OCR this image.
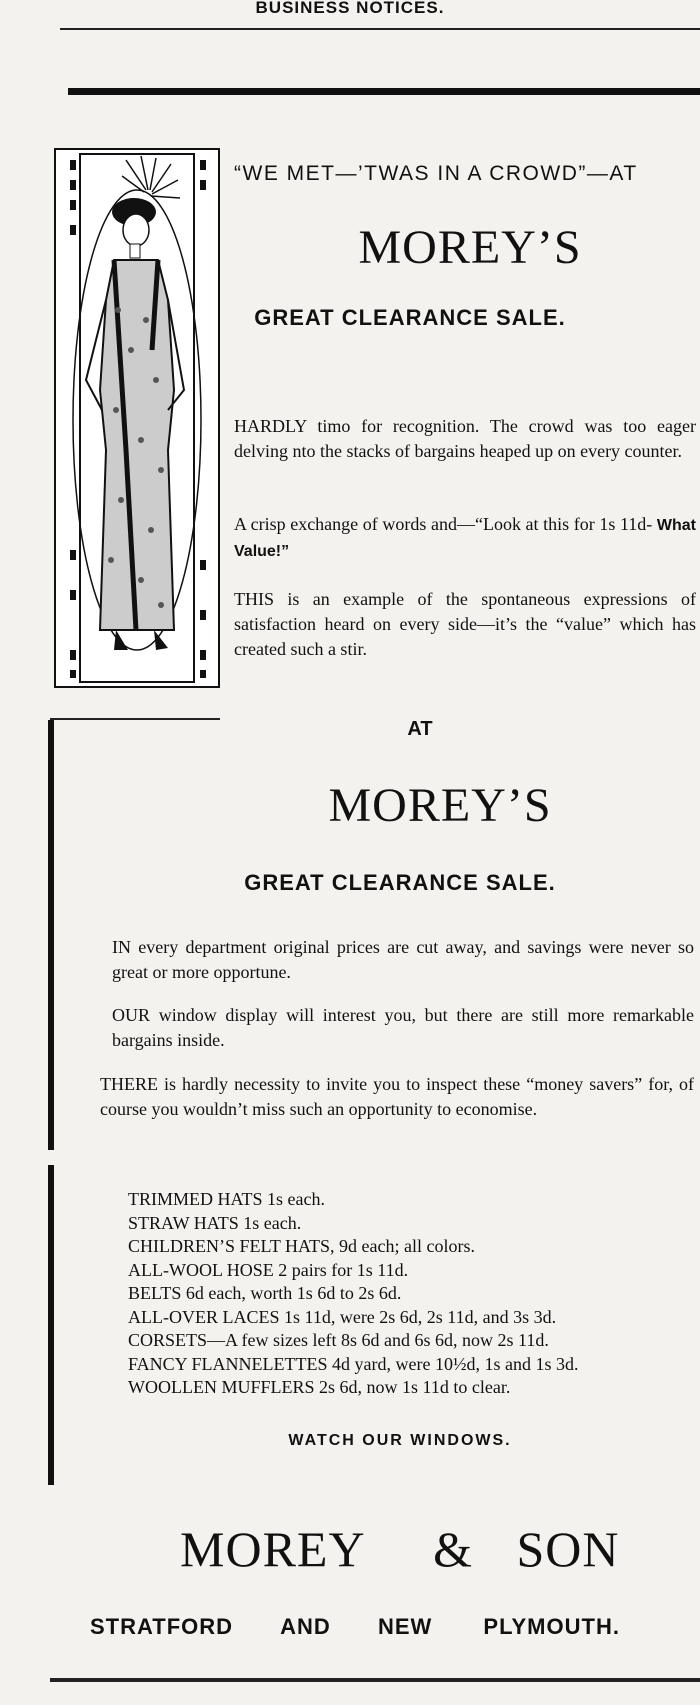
BUSINESS NOTICES.
“WE MET—’TWAS IN A CROWD”—AT
MOREY’S
GREAT CLEARANCE SALE.
HARDLY timo for recognition. The crowd was too eager delving nto the stacks of bargains heaped up on every counter.
A crisp exchange of words and—“Look at this for 1s 11d- What Value!”
THIS is an example of the spontaneous expressions of satisfaction heard on every side—it’s the “value” which has created such a stir.
AT
MOREY’S
GREAT CLEARANCE SALE.
IN every department original prices are cut away, and savings were never so great or more opportune.
OUR window display will interest you, but there are still more remarkable bargains inside.
THERE is hardly necessity to invite you to inspect these “money savers” for, of course you wouldn’t miss such an opportunity to economise.
TRIMMED HATS 1s each.
STRAW HATS 1s each.
CHILDREN’S FELT HATS, 9d each; all colors.
ALL-WOOL HOSE 2 pairs for 1s 11d.
BELTS 6d each, worth 1s 6d to 2s 6d.
ALL-OVER LACES 1s 11d, were 2s 6d, 2s 11d, and 3s 3d.
CORSETS—A few sizes left 8s 6d and 6s 6d, now 2s 11d.
FANCY FLANNELETTES 4d yard, were 10½d, 1s and 1s 3d.
WOOLLEN MUFFLERS 2s 6d, now 1s 11d to clear.
WATCH OUR WINDOWS.
MOREY & SON
STRATFORD AND NEW PLYMOUTH.
